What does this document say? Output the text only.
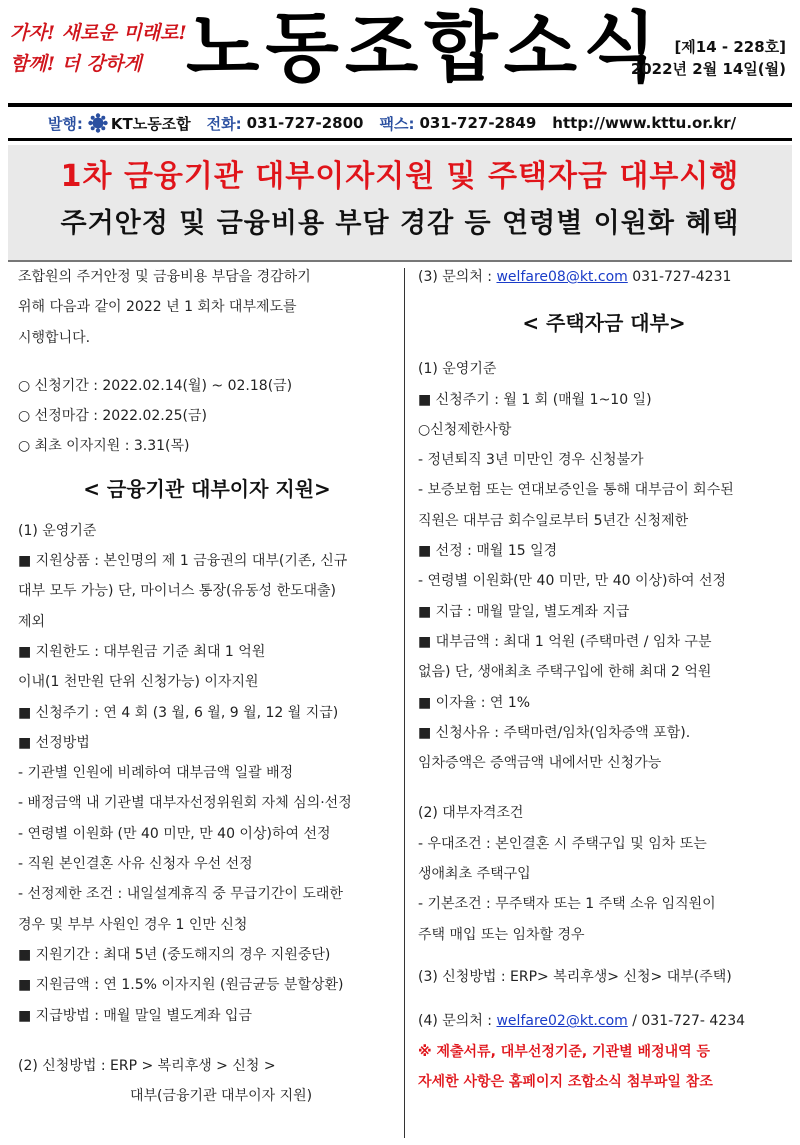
가자! 새로운 미래로!
함께! 더 강하게 노동조합소식 [제14 - 228호]
2022년 2월 14일(월)
발행: KT노동조합 전화: 031-727-2800 팩스: 031-727-2849 http://www.kttu.or.kr/
1차 금융기관 대부이자지원 및 주택자금 대부시행
주거안정 및 금융비용 부담 경감 등 연령별 이원화 혜택

조합원의 주거안정 및 금융비용 부담을 경감하기

위해 다음과 같이 2022 년 1 회차 대부제도를

시행합니다.

○ 신청기간 : 2022.02.14(월) ~ 02.18(금)

○ 선정마감 : 2022.02.25(금)

○ 최초 이자지원 : 3.31(목)

< 금융기관 대부이자 지원>

(1) 운영기준

■ 지원상품 : 본인명의 제 1 금융권의 대부(기존, 신규

대부 모두 가능) 단, 마이너스 통장(유동성 한도대출)

제외

■ 지원한도 : 대부원금 기준 최대 1 억원

이내(1 천만원 단위 신청가능) 이자지원

■ 신청주기 : 연 4 회 (3 월, 6 월, 9 월, 12 월 지급)

■ 선정방법

- 기관별 인원에 비례하여 대부금액 일괄 배정

- 배정금액 내 기관별 대부자선정위원회 자체 심의·선정

- 연령별 이원화 (만 40 미만, 만 40 이상)하여 선정

- 직원 본인결혼 사유 신청자 우선 선정

- 선정제한 조건 : 내일설계휴직 중 무급기간이 도래한

경우 및 부부 사원인 경우 1 인만 신청

■ 지원기간 : 최대 5년 (중도해지의 경우 지원중단)

■ 지원금액 : 연 1.5% 이자지원 (원금균등 분할상환)

■ 지급방법 : 매월 말일 별도계좌 입금

(2) 신청방법 : ERP > 복리후생 > 신청 >

대부(금융기관 대부이자 지원)

(3) 문의처 : welfare08@kt.com 031-727-4231

< 주택자금 대부>

(1) 운영기준

■ 신청주기 : 월 1 회 (매월 1~10 일)

○신청제한사항

- 정년퇴직 3년 미만인 경우 신청불가

- 보증보험 또는 연대보증인을 통해 대부금이 회수된

직원은 대부금 회수일로부터 5년간 신청제한

■ 선정 : 매월 15 일경

- 연령별 이원화(만 40 미만, 만 40 이상)하여 선정

■ 지급 : 매월 말일, 별도계좌 지급

■ 대부금액 : 최대 1 억원 (주택마련 / 임차 구분

없음) 단, 생애최초 주택구입에 한해 최대 2 억원

■ 이자율 : 연 1%

■ 신청사유 : 주택마련/임차(임차증액 포함).

임차증액은 증액금액 내에서만 신청가능

(2) 대부자격조건

- 우대조건 : 본인결혼 시 주택구입 및 임차 또는

생애최초 주택구입

- 기본조건 : 무주택자 또는 1 주택 소유 임직원이

주택 매입 또는 임차할 경우

(3) 신청방법 : ERP> 복리후생> 신청> 대부(주택)

(4) 문의처 : welfare02@kt.com / 031-727- 4234

※ 제출서류, 대부선정기준, 기관별 배정내역 등

자세한 사항은 홈페이지 조합소식 첨부파일 참조
